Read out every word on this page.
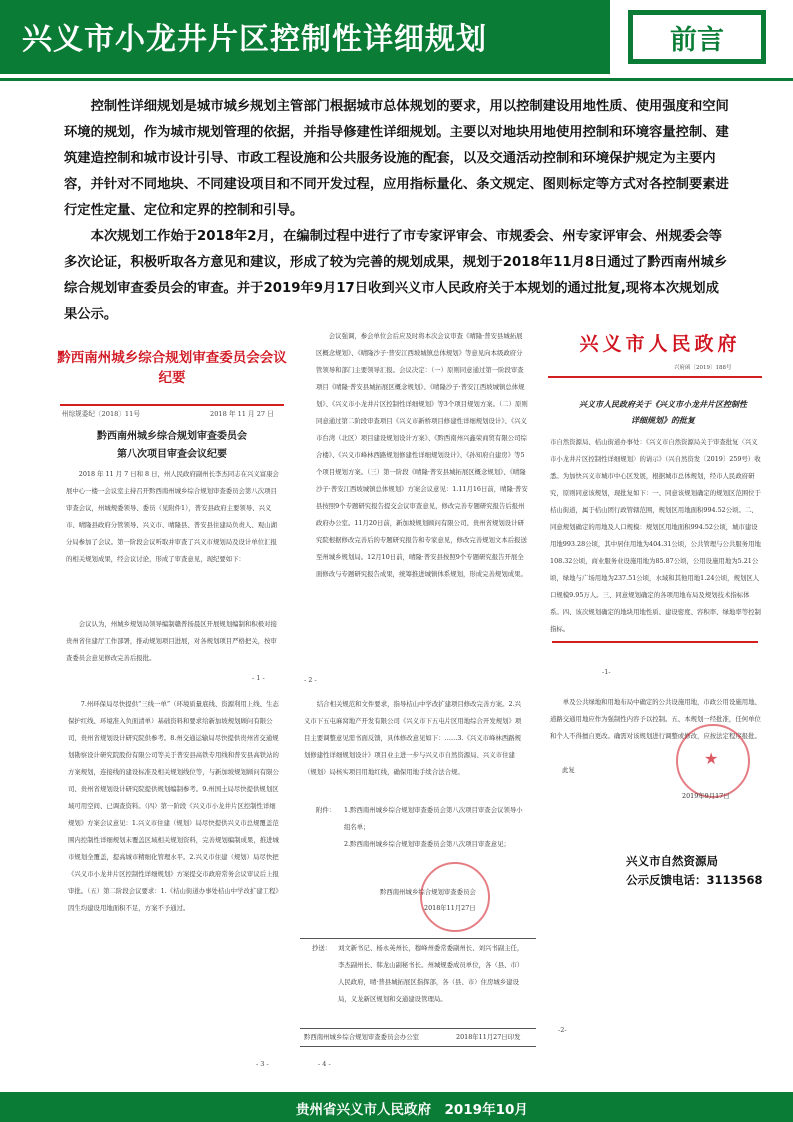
兴义市小龙井片区控制性详细规划	前言

控制性详细规划是城市城乡规划主管部门根据城市总体规划的要求，用以控制建设用地性质、使用强度和空间环境的规划，作为城市规划管理的依据，并指导修建性详细规划。主要以对地块用地使用控制和环境容量控制、建筑建造控制和城市设计引导、市政工程设施和公共服务设施的配套，以及交通活动控制和环境保护规定为主要内容，并针对不同地块、不同建设项目和不同开发过程，应用指标量化、条文规定、图则标定等方式对各控制要素进行定性定量、定位和定界的控制和引导。

本次规划工作始于2018年2月，在编制过程中进行了市专家评审会、市规委会、州专家评审会、州规委会等多次论证，积极听取各方意见和建议，形成了较为完善的规划成果，规划于2018年11月8日通过了黔西南州城乡综合规划审查委员会的审查。并于2019年9月17日收到兴义市人民政府关于本规划的通过批复,现将本次规划成果公示。

黔西南州城乡综合规划审查委员会会议纪要
州综规委纪〔2018〕11号	2018 年 11 月 27 日
黔西南州城乡综合规划审查委员会
第八次项目审查会议纪要
2018 年 11 月 7 日和 8 日，州人民政府副州长李杰同志在兴义富康会展中心一楼一会议室主持召开黔西南州城乡综合规划审查委员会第八次项目审查会议，州城规委领导、委员（见附件1），普安县政府主要领导、兴义市、晴隆县政府分管领导、兴义市、晴隆县、普安县住建局负责人、观山湖分局参加了会议。第一阶段会议听取并审查了兴义市规划局及设计单位汇报的相关规划成果，经会议讨论，形成了审查意见，现纪要如下：
会议认为，州城乡规划局领导编制赣普扬晨区开展规划编制和积极对接贵州省住建厅工作部署，推动规划项目进展，对各规划项目严格把关，按审查委员会意见修改完善后报批。
- 1 -
会议强调，参会单位会后应及时将本次会议审查《晴隆·普安县城拓展区概念规划》、《晴隆沙子·普安江西坡城镇总体规划》等意见向本级政府分管领导和部门主要领导汇报。会议决定：（一）原则同意通过第一阶段审查项目《晴隆·普安县城拓展区概念规划》、《晴隆沙子·普安江西坡城镇总体规划》、《兴义市小龙井片区控制性详细规划》等3个项目规划方案。（二）原则同意通过第二阶段审查项目《兴义市新桥项目修建性详细规划设计》、《兴义市台湾（北区）项目建设规划设计方案》、《黔西南州兴鑫荣商贸有限公司综合楼》、《兴义市峰林西路规划修建性详细规划设计》、《孙知府自建房》等5个项目规划方案。（三）第一阶段《晴隆·普安县城拓展区概念规划》、《晴隆沙子·普安江西坡城镇总体规划》方案会议意见：1.11月16日前，晴隆·普安县按照9个专题研究报告提交会议审查意见，修改完善专题研究报告后报州政府办公室。11月20日前，新加坡规划顾问有限公司、贵州省规划设计研究院根据修改完善后的专题研究报告和专家意见，修改完善规划文本后报送至州城乡规划局。12月10日前，晴隆·普安县按照9个专题研究报告开展全面修改与专题研究报告成果，统筹推进城镇体系规划，形成完善规划成果。
- 2 -
兴义市人民政府
兴府函〔2019〕188号
兴义市人民政府关于《兴义市小龙井片区控制性详细规划》的批复
市自然资源局、桔山街道办事处：《兴义市自然资源局关于审查批复〈兴义市小龙井片区控制性详细规划〉的请示》（兴自然资发〔2019〕259号）收悉。为加快兴义市城市中心区发展，根据城市总体规划，经市人民政府研究，原则同意该规划，现批复如下：一、同意该规划确定的规划区范围位于桔山街道，属于桔山团行政管辖范围，规划区用地面积994.52公顷。二、同意规划确定的用地及人口规模：规划区用地面积994.52公顷，城市建设用地993.28公顷，其中居住用地为404.31公顷，公共管理与公共服务用地108.32公顷，商业服务业设施用地为85.87公顷，公用设施用地为5.21公顷，绿地与广场用地为237.51公顷，水域和其他用地1.24公顷，规划区人口规模9.95万人。三、同意规划确定的各项用地布局及规划技术指标体系。四、该次规划确定的地块用地性质、建设密度、容积率、绿地率等控制指标。
-1-
7.州环保局尽快提供“三线一单”（环境质量底线、资源利用上线、生态保护红线、环境准入负面清单）基础资料和要求给新加坡规划顾问有限公司、贵州省规划设计研究院供参考。8.州交通运输局尽快提供贵州省交通规划勘察设计研究院股份有限公司等关于普安县高铁专用线和普安县高铁站的方案规划，连接线的建设标准及相关规划线位等，与新加坡规划顾问有限公司、贵州省规划设计研究院提供规划编制参考。9.州国土局尽快提供规划区域可用空间、已调查资料。（四）第一阶段《兴义市小龙井片区控制性详细规划》方案会议意见：1.兴义市住建（规划）局尽快提供兴义市总规覆盖范围内控制性详细规划未覆盖区域相关规划资料，完善规划编制成果，推进城市规划全覆盖，提高城市精细化管理水平。2.兴义市住建（规划）局尽快把《兴义市小龙井片区控制性详细规划》方案提交市政府常务会议审议后上报审批。（五）第二阶段会议要求：1.《桔山街道办事处桔山中学改扩建工程》因生均建设用地面积不足，方案不予通过。
- 3 -
结合相关规范和文件要求，指导桔山中学改扩建项目修改完善方案。2.兴义市下五屯麻窝地产开发有限公司《兴义市下五屯片区用地综合开发规划》项目主要调整意见需书面反馈，具体修改意见如下：……3.《兴义市峰林西路规划修建性详细规划设计》项目业主进一步与兴义市自然资源局、兴义市住建（规划）局核实项目用地红线，确保用地手续合法合规。
附件： 1.黔西南州城乡综合规划审查委员会第八次项目审查会议领导小组名单；
2.黔西南州城乡综合规划审查委员会第八次项目审查意见；
黔西南州城乡综合规划审查委员会
2018年11月27日
抄送： 刘文新书记、杨永英州长，穆峰州委常委副州长、刘兴书副主任，李杰副州长、韩龙山副秘书长。州城规委成员单位，各（县、市）人民政府，晴·普县城拓展区指挥部，各（县、市）住房城乡建设局，义龙新区规划和交通建设管理局。
黔西南州城乡综合规划审查委员会办公室	2018年11月27日印发
- 4 -
单及公共绿地和用地布局中确定的公共设施用地，市政公用设施用地、道路交通用地应作为强制性内容予以控制。五、本规划一经批准，任何单位和个人不得擅自更改。确需对该规划进行调整或修改，应按法定程序报批。
此复
★
2019年9月17日
兴义市自然资源局
公示反馈电话：3113568
-2-
贵州省兴义市人民政府　2019年10月
